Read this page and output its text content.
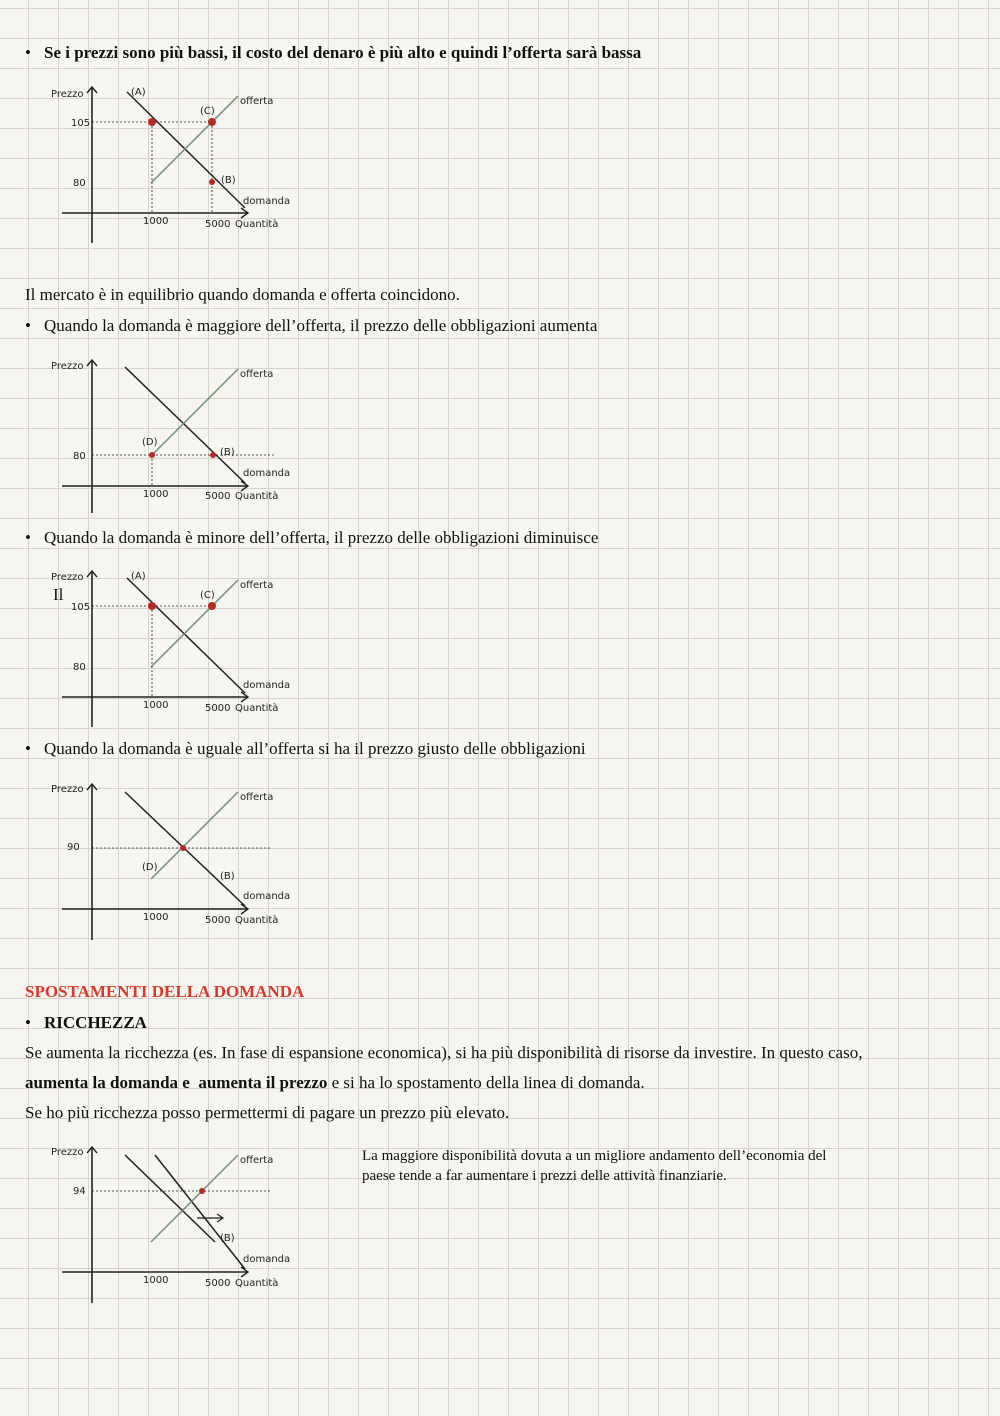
• Se i prezzi sono più bassi, il costo del denaro è più alto e quindi l’offerta sarà bassa
Prezzo
105
80
1000	5000 Quantità
(A)
(C)
(B)
offerta
domanda
Il mercato è in equilibrio quando domanda e offerta coincidono.
• Quando la domanda è maggiore dell’offerta, il prezzo delle obbligazioni aumenta
Prezzo
80
1000	5000 Quantità
(D)
(B)
offerta
domanda
• Quando la domanda è minore dell’offerta, il prezzo delle obbligazioni diminuisce
Il
Prezzo
105
80
1000	5000 Quantità
(A)
(C)
offerta
domanda
• Quando la domanda è uguale all’offerta si ha il prezzo giusto delle obbligazioni
Prezzo
90
1000	5000 Quantità
(D)
(B)
offerta
domanda
SPOSTAMENTI DELLA DOMANDA
• RICCHEZZA
Se aumenta la ricchezza (es. In fase di espansione economica), si ha più disponibilità di risorse da investire. In questo caso,
aumenta la domanda e aumenta il prezzo e si ha lo spostamento della linea di domanda.
Se ho più ricchezza posso permettermi di pagare un prezzo più elevato.
Prezzo
94
1000	5000 Quantità
(B)
offerta
domanda
La maggiore disponibilità dovuta a un migliore andamento dell’economia del paese tende a far aumentare i prezzi delle attività finanziarie.
